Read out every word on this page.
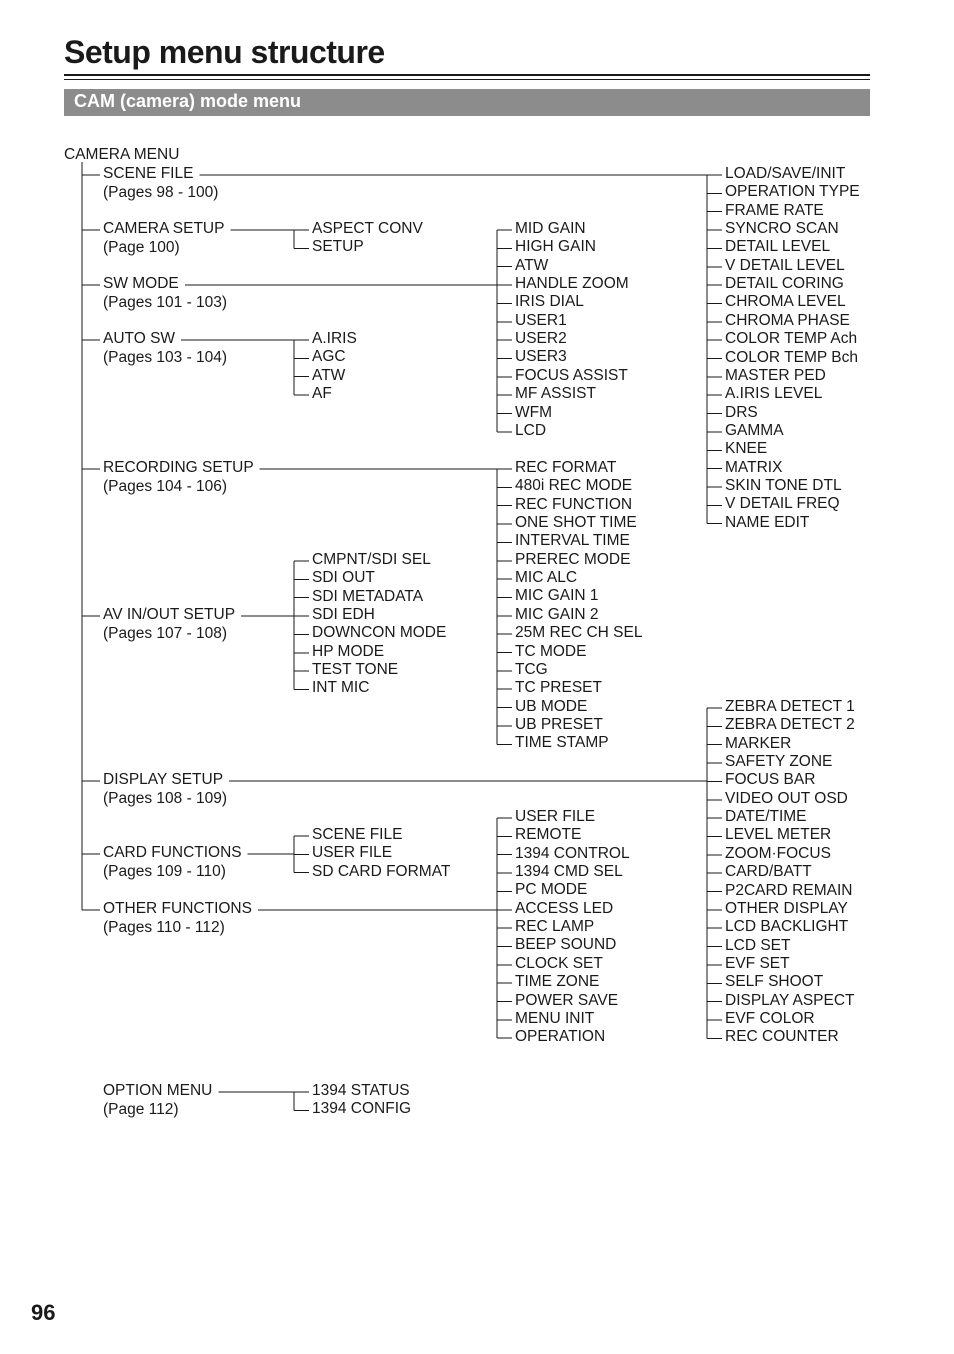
Setup menu structure
CAM (camera) mode menu
CAMERA MENU
SCENE FILE
(Pages 98 - 100)
CAMERA SETUP
(Page 100)
SW MODE
(Pages 101 - 103)
AUTO SW
(Pages 103 - 104)
RECORDING SETUP
(Pages 104 - 106)
AV IN/OUT SETUP
(Pages 107 - 108)
DISPLAY SETUP
(Pages 108 - 109)
CARD FUNCTIONS
(Pages 109 - 110)
OTHER FUNCTIONS
(Pages 110 - 112)
OPTION MENU
(Page 112)
ASPECT CONV
SETUP
A.IRIS
AGC
ATW
AF
CMPNT/SDI SEL
SDI OUT
SDI METADATA
SDI EDH
DOWNCON MODE
HP MODE
TEST TONE
INT MIC
SCENE FILE
USER FILE
SD CARD FORMAT
1394 STATUS
1394 CONFIG
MID GAIN
HIGH GAIN
ATW
HANDLE ZOOM
IRIS DIAL
USER1
USER2
USER3
FOCUS ASSIST
MF ASSIST
WFM
LCD
REC FORMAT
480i REC MODE
REC FUNCTION
ONE SHOT TIME
INTERVAL TIME
PREREC MODE
MIC ALC
MIC GAIN 1
MIC GAIN 2
25M REC CH SEL
TC MODE
TCG
TC PRESET
UB MODE
UB PRESET
TIME STAMP
USER FILE
REMOTE
1394 CONTROL
1394 CMD SEL
PC MODE
ACCESS LED
REC LAMP
BEEP SOUND
CLOCK SET
TIME ZONE
POWER SAVE
MENU INIT
OPERATION
LOAD/SAVE/INIT
OPERATION TYPE
FRAME RATE
SYNCRO SCAN
DETAIL LEVEL
V DETAIL LEVEL
DETAIL CORING
CHROMA LEVEL
CHROMA PHASE
COLOR TEMP Ach
COLOR TEMP Bch
MASTER PED
A.IRIS LEVEL
DRS
GAMMA
KNEE
MATRIX
SKIN TONE DTL
V DETAIL FREQ
NAME EDIT
ZEBRA DETECT 1
ZEBRA DETECT 2
MARKER
SAFETY ZONE
FOCUS BAR
VIDEO OUT OSD
DATE/TIME
LEVEL METER
ZOOM·FOCUS
CARD/BATT
P2CARD REMAIN
OTHER DISPLAY
LCD BACKLIGHT
LCD SET
EVF SET
SELF SHOOT
DISPLAY ASPECT
EVF COLOR
REC COUNTER
96
